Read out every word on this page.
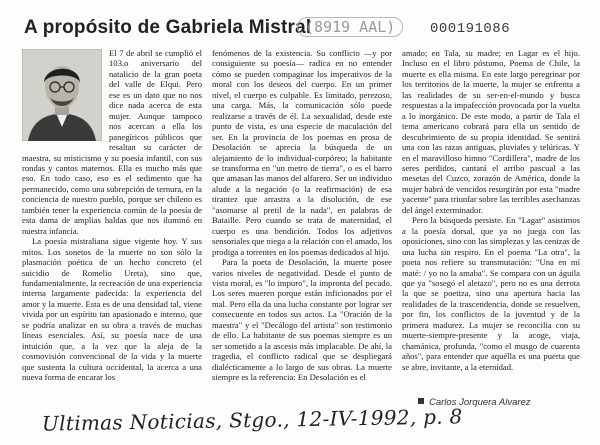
A propósito de Gabriela Mistral
(8919 AAL)	000191086

El 7 de abril se cumplió el 103.o aniversario del natalicio de la gran poeta del valle de Elqui. Pero ese es un dato que no nos dice nada acerca de esta mujer. Aunque tampoco nos acercan a ella los panegíricos públicos que resaltan su carácter de maestra, su misticismo y su poesía infantil, con sus rondas y cantos maternos. Ella es mucho más que eso. En todo caso, eso es el sedimento que ha permanecido, como una subrepción de ternura, en la conciencia de nuestro pueblo, porque ser chileno es también tener la experiencia común de la poesía de esta dama de amplias haldas que nos iluminó en nuestra infancia.

La poesía mistraliana sigue vigente hoy. Y sus mitos. Los sonetos de la muerte no son sólo la plasmación poética de un hecho concreto (el suicidio de Romelio Ureta), sino que, fundamentalmente, la recreación de una experiencia interna largamente padecida: la experiencia del amor y la muerte. Esta es de una densidad tal, viene vivida por un espíritu tan apasionado e intenso, que se podría analizar en su obra a través de muchas líneas esenciales. Así, su poesía nace de una intuición que, a la vez que la aleja de la cosmovisión convencional de la vida y la muerte que sustenta la cultura occidental, la acerca a una nueva forma de encarar los

fenómenos de la existencia. Su conflicto —y por consiguiente su poesía— radica en no entender cómo se pueden compaginar los imperativos de la moral con los deseos del cuerpo. En un primer nivel, el cuerpo es culpable. Es limitado, perezoso, una carga. Más, la comunicación sólo puede realizarse a través de él. La sexualidad, desde este punto de vista, es una especie de maculación del ser. En la provincia de los poemas en prosa de Desolación se aprecia la búsqueda de un alejamiento de lo individual-corpóreo; la habitante se transforma en "un metro de tierra", o es el barro que amasan las manos del alfarero. Ser un individuo alude a la negación (o la reafirmación) de esa tirantez que arrastra a la disolución, de ese "asomarse al pretil de la nada", en palabras de Bataille. Pero cuando se trata de maternidad, el cuerpo es una bendición. Todos los adjetivos sensoriales que niega a la relación con el amado, los prodiga a torrentes en los poemas dedicados al hijo.

Para la poeta de Desolación, la muerte posee varios niveles de negatividad. Desde el punto de vista moral, es "lo impuro", la impronta del pecado. Los seres mueren porque están inficionados por el mal. Pero ella da una lucha constante por lograr ser consecuente en todos sus actos. La "Oración de la maestra" y el "Decálogo del artista" son testimonio de ello. La habitante de sus poemas siempre es un ser sometido a la ascesis más implacable. De ahí, la tragedia, el conflicto radical que se despliegará dialécticamente a lo largo de sus obras. La muerte siempre es la referencia: En Desolación es el

amado; en Tala, su madre; en Lagar es el hijo. Incluso en el libro póstumo, Poema de Chile, la muerte es ella misma. En este largo peregrinar por los territorios de la muerte, la mujer se enfrenta a las realidades de su ser-en-el-mundo y busca respuestas a la impafección provocada por la vuelta a lo inorgánico. De este modo, a partir de Tala el tema americano cobrará para ella un sentido de descubrimiento de su propia identidad. Se sentirá una con las razas antiguas, pluviales y telúricas. Y en el maravilloso himno "Cordillera", madre de los seres perdidos, cantará el arribo pascual a las mesetas del Cuzco, zorazón de América, donde la mujer habrá de vencidos resurgirán por esta "madre yacente" para triunfar sobre las terribles asechanzas del ángel exterminador.

Pero la búsqueda persiste. En "Lagar" asistimos a la poesía dorsal, que ya no juega con las oposiciones, sino con las simplezas y las cenizas de una lucha sin respiro. En el poema "La otra", la poeta nos refiere su transmutación: "Una en mí maté: / yo no la amaba". Se compara con un águila que ya "sosegó el aletazo", pero no es una derrota la que se poetiza, sino una apertura hacia las realidades de la trascendencia, donde se resuelven, por fin, los conflictos de la juventud y de la primera madurez. La mujer se reconcilia con su muerte-siempre-presente y la acoge, viaja, chamánica, profunda, "como el musgo de cuarenta años", para entender que aquélla es una puerta que se abre, invitante, a la eternidad.

Carlos Jorquera Alvarez
Ultimas Noticias, Stgo., 12-IV-1992, p. 8
